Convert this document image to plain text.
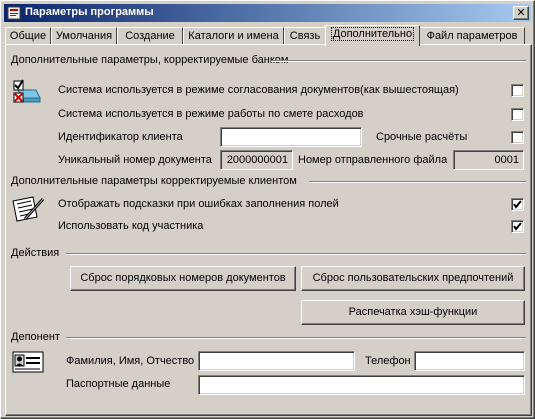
Параметры программы	✕
Общие Умолчания	Создание	Каталоги и имена	Связь	Дополнительно	Файл параметров
Дополнительные параметры, корректируемые банком
Система используется в режиме согласования документов(как вышестоящая)
Система используется в режиме работы по смете расходов
Идентификатор клиента	Срочные расчёты
Уникальный номер документа	2000000001 Номер отправленного файла	0001
Дополнительные параметры корректируемые клиентом
Отображать подсказки при ошибках заполнения полей
Использовать код участника
Действия
Сброс порядковых номеров документов	Сброс пользовательских предпочтений
Распечатка хэш-функции
Депонент
Фамилия, Имя, Отчество	Телефон
Паспортные данные
